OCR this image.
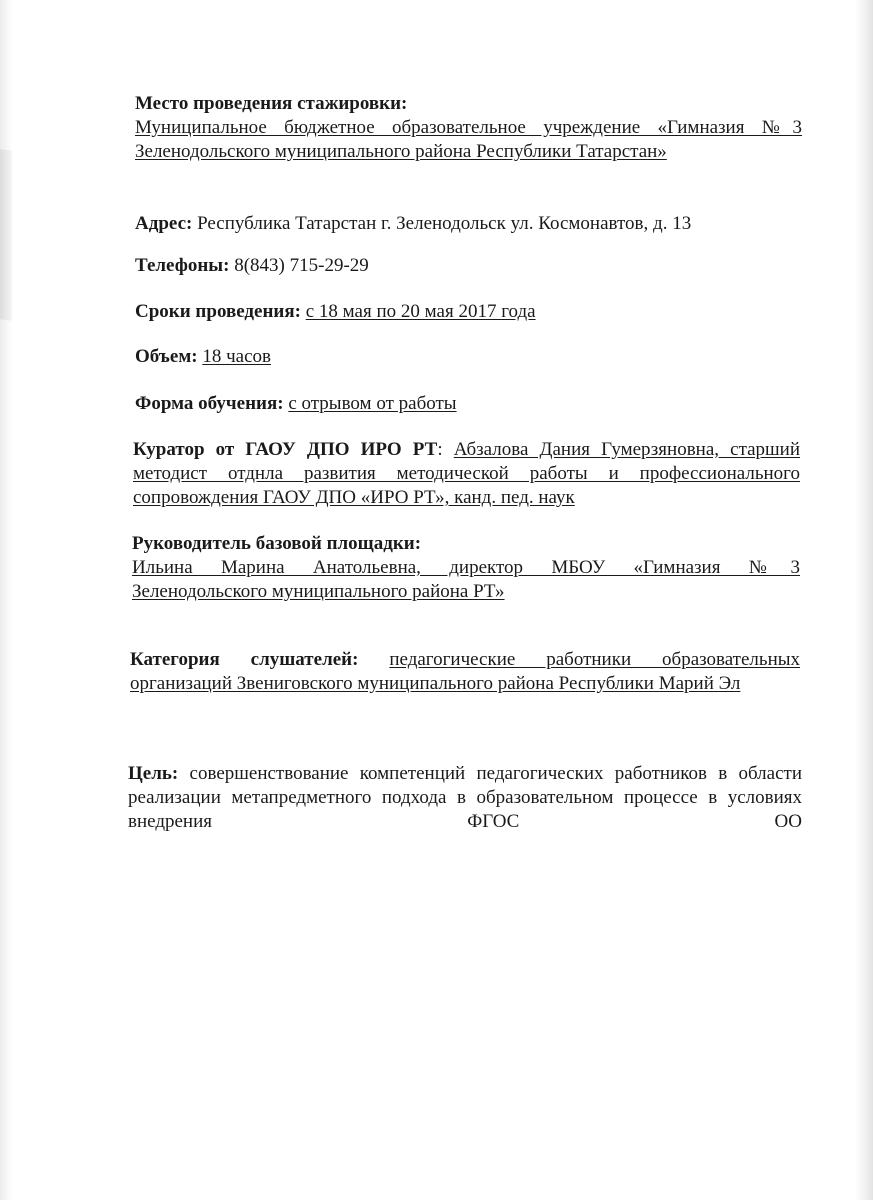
Место проведения стажировки:
Муниципальное бюджетное образовательное учреждение «Гимназия №3
Зеленодольского муниципального района Республики Татарстан»
Адрес: Республика Татарстан г. Зеленодольск ул. Космонавтов, д. 13
Телефоны: 8(843) 715-29-29
Сроки проведения: с 18 мая по 20 мая 2017 года
Объем: 18 часов
Форма обучения: с отрывом от работы
Куратор от ГАОУ ДПО ИРО РТ: Абзалова Дания Гумерзяновна, старший
методист отднла развития методической работы и профессионального
сопровождения ГАОУ ДПО «ИРО РТ», канд. пед. наук
Руководитель базовой площадки:
Ильина Марина Анатольевна, директор МБОУ «Гимназия №3
Зеленодольского муниципального района РТ»
Категория слушателей: педагогические работники образовательных
организаций Звениговского муниципального района Республики Марий Эл
Цель: совершенствование компетенций педагогических работников в области реализации метапредметного подхода в образовательном процессе в условиях внедрения ФГОС ОО
